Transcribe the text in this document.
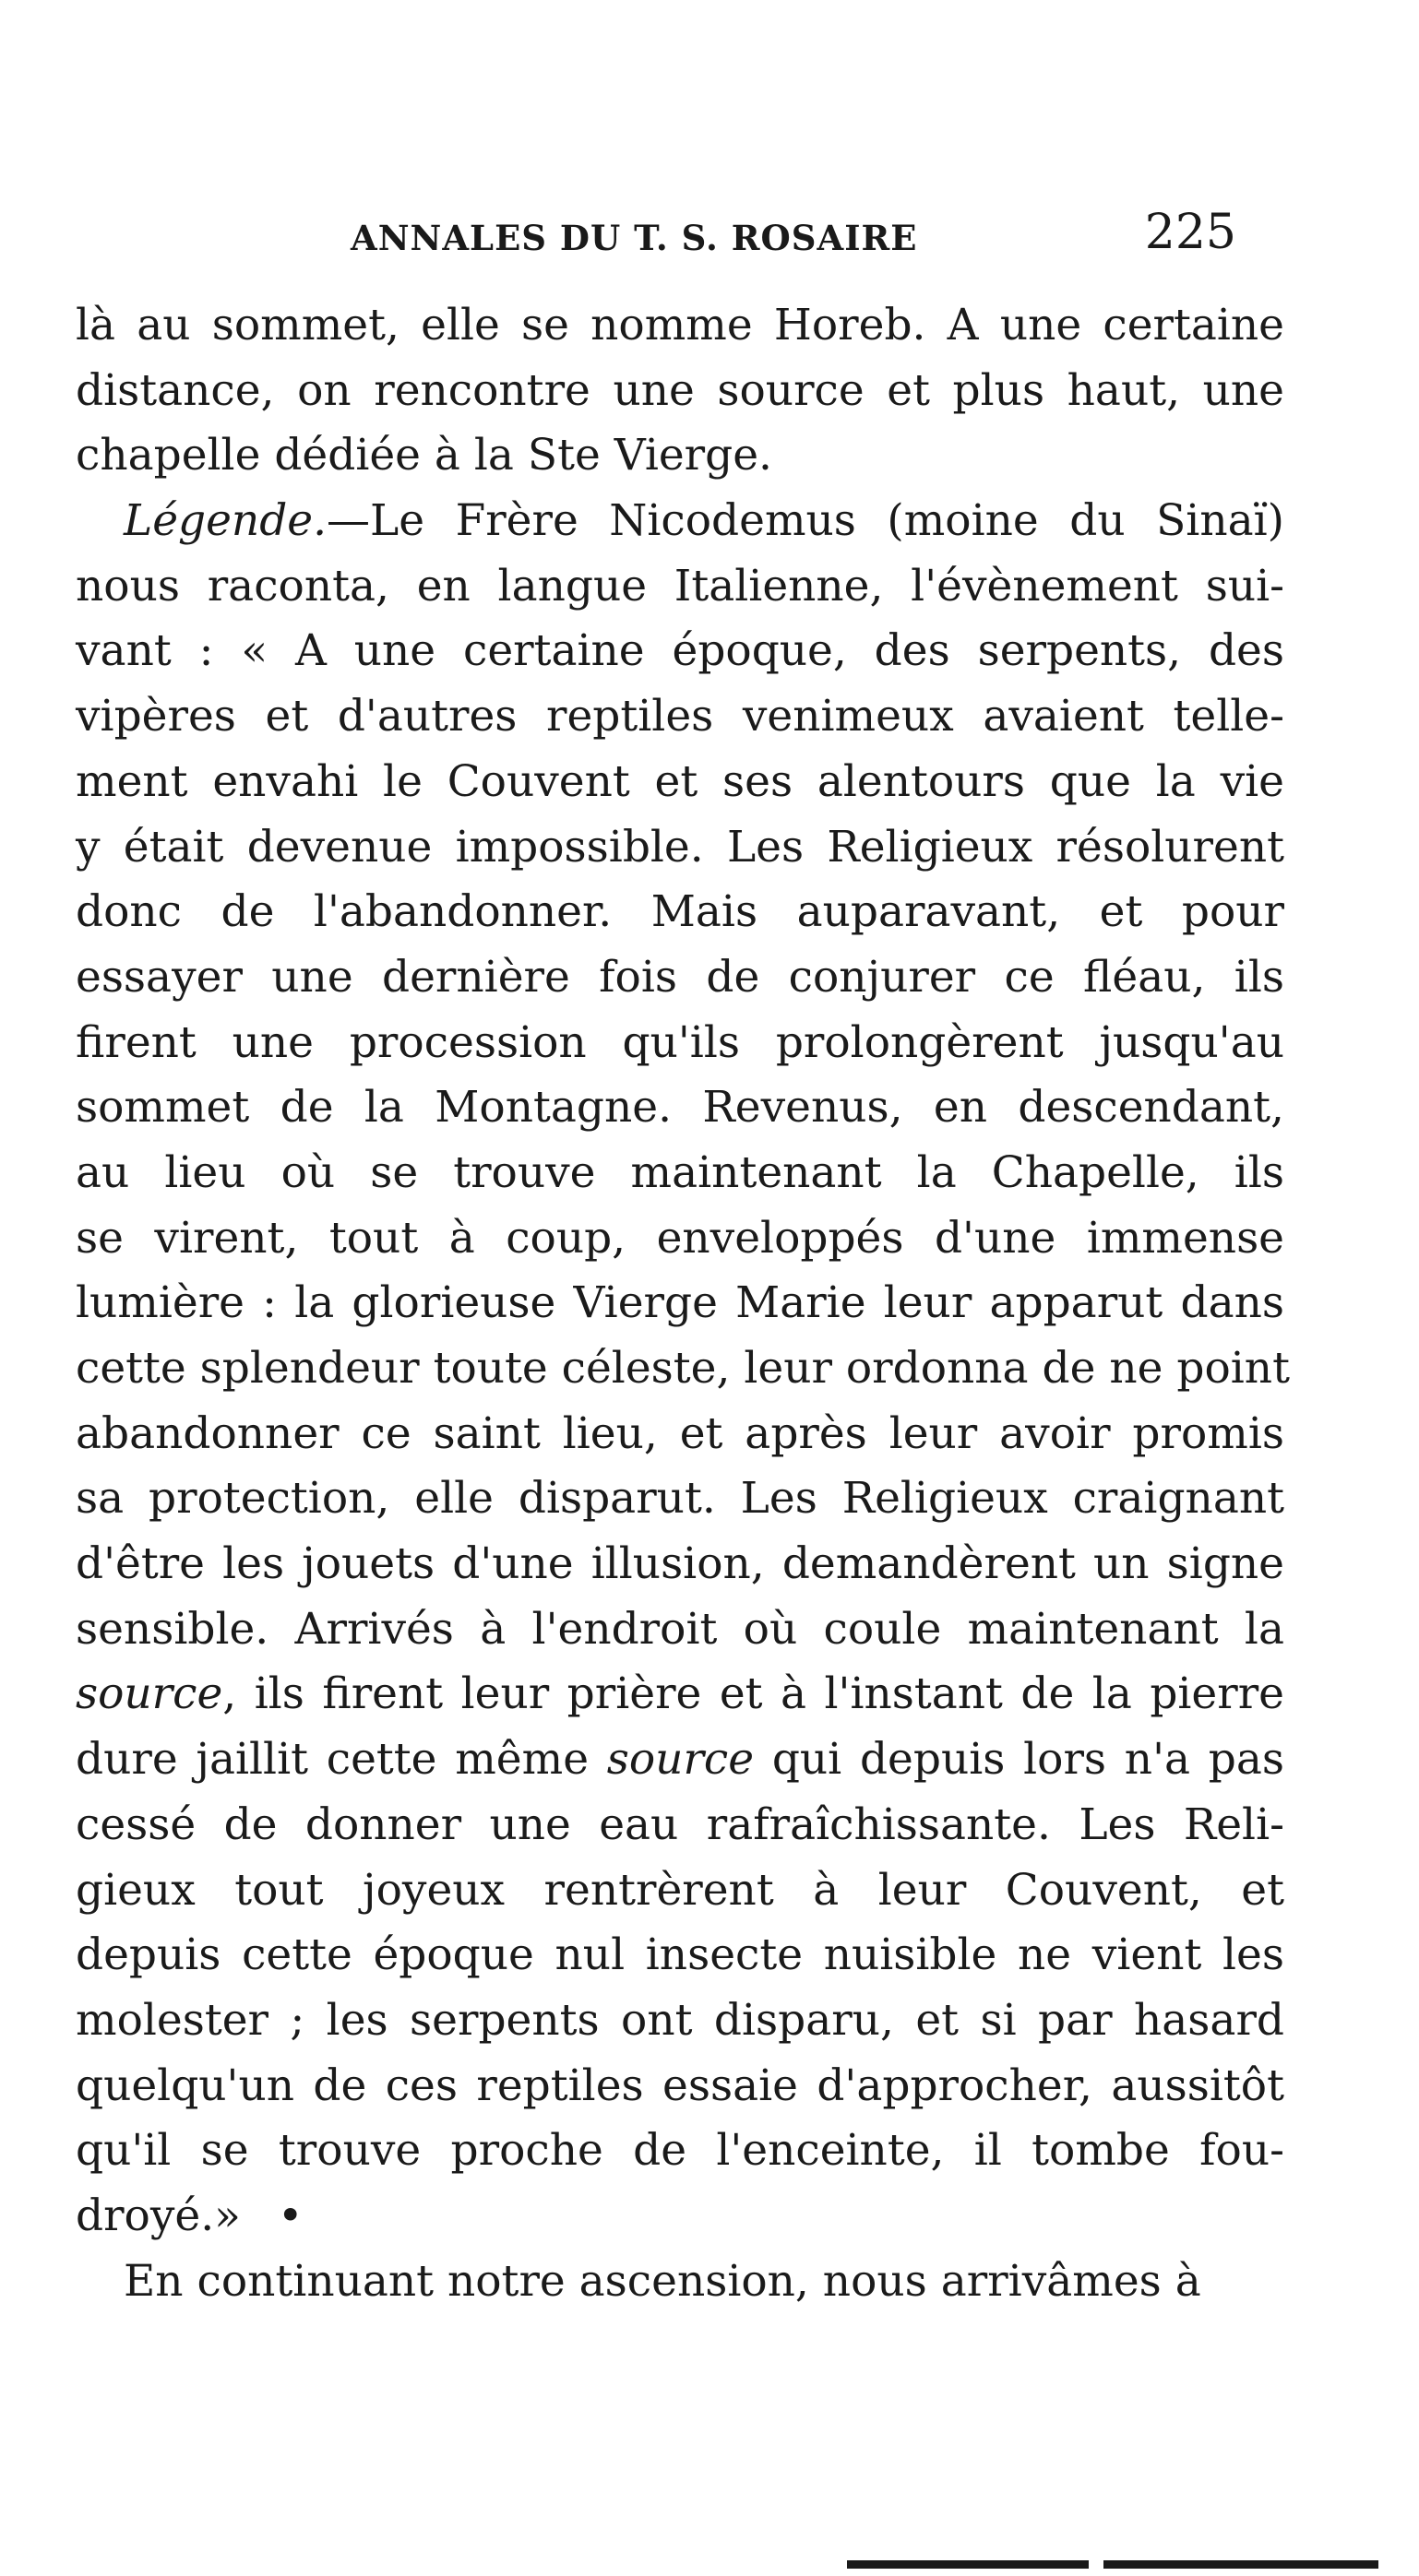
ANNALES DU T. S. ROSAIRE	225
là au sommet, elle se nomme Horeb. A une certaine
distance, on rencontre une source et plus haut, une
chapelle dédiée à la Ste Vierge.
Légende.—Le Frère Nicodemus (moine du Sinaï)
nous raconta, en langue Italienne, l'évènement sui-
vant : « A une certaine époque, des serpents, des
vipères et d'autres reptiles venimeux avaient telle-
ment envahi le Couvent et ses alentours que la vie
y était devenue impossible. Les Religieux résolurent
donc de l'abandonner. Mais auparavant, et pour
essayer une dernière fois de conjurer ce fléau, ils
firent une procession qu'ils prolongèrent jusqu'au
sommet de la Montagne. Revenus, en descendant,
au lieu où se trouve maintenant la Chapelle, ils
se virent, tout à coup, enveloppés d'une immense
lumière : la glorieuse Vierge Marie leur apparut dans
cette splendeur toute céleste, leur ordonna de ne point
abandonner ce saint lieu, et après leur avoir promis
sa protection, elle disparut. Les Religieux craignant
d'être les jouets d'une illusion, demandèrent un signe
sensible. Arrivés à l'endroit où coule maintenant la
source, ils firent leur prière et à l'instant de la pierre
dure jaillit cette même source qui depuis lors n'a pas
cessé de donner une eau rafraîchissante. Les Reli-
gieux tout joyeux rentrèrent à leur Couvent, et
depuis cette époque nul insecte nuisible ne vient les
molester ; les serpents ont disparu, et si par hasard
quelqu'un de ces reptiles essaie d'approcher, aussitôt
qu'il se trouve proche de l'enceinte, il tombe fou-
droyé.» •
En continuant notre ascension, nous arrivâmes à
